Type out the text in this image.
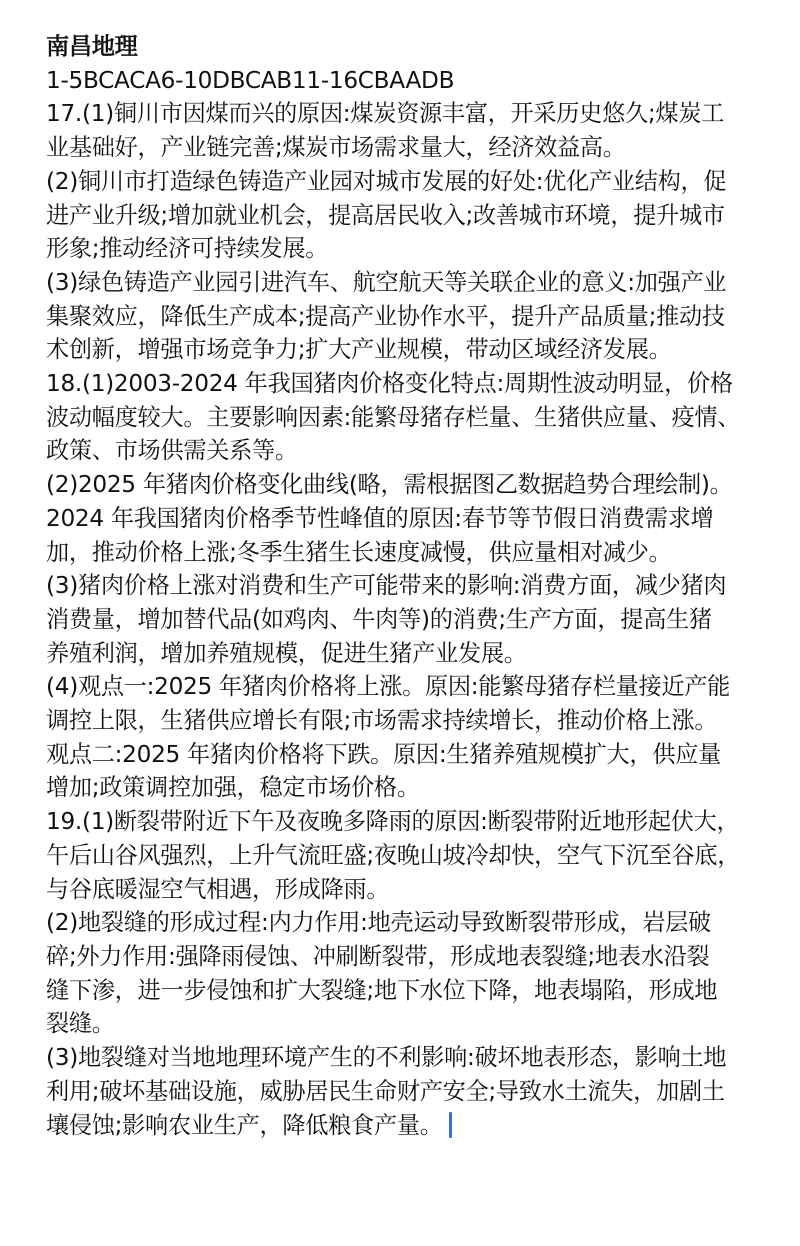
南昌地理
1-5BCACA6-10DBCAB11-16CBAADB
17.(1)铜川市因煤而兴的原因:煤炭资源丰富，开采历史悠久;煤炭工
业基础好，产业链完善;煤炭市场需求量大，经济效益高。
(2)铜川市打造绿色铸造产业园对城市发展的好处:优化产业结构，促
进产业升级;增加就业机会，提高居民收入;改善城市环境，提升城市
形象;推动经济可持续发展。
(3)绿色铸造产业园引进汽车、航空航天等关联企业的意义:加强产业
集聚效应，降低生产成本;提高产业协作水平，提升产品质量;推动技
术创新，增强市场竞争力;扩大产业规模，带动区域经济发展。
18.(1)2003-2024 年我国猪肉价格变化特点:周期性波动明显，价格
波动幅度较大。主要影响因素:能繁母猪存栏量、生猪供应量、疫情、
政策、市场供需关系等。
(2)2025 年猪肉价格变化曲线(略，需根据图乙数据趋势合理绘制)。
2024 年我国猪肉价格季节性峰值的原因:春节等节假日消费需求增
加，推动价格上涨;冬季生猪生长速度减慢，供应量相对减少。
(3)猪肉价格上涨对消费和生产可能带来的影响:消费方面，减少猪肉
消费量，增加替代品(如鸡肉、牛肉等)的消费;生产方面，提高生猪
养殖利润，增加养殖规模，促进生猪产业发展。
(4)观点一:2025 年猪肉价格将上涨。原因:能繁母猪存栏量接近产能
调控上限，生猪供应增长有限;市场需求持续增长，推动价格上涨。
观点二:2025 年猪肉价格将下跌。原因:生猪养殖规模扩大，供应量
增加;政策调控加强，稳定市场价格。
19.(1)断裂带附近下午及夜晚多降雨的原因:断裂带附近地形起伏大，
午后山谷风强烈，上升气流旺盛;夜晚山坡冷却快，空气下沉至谷底，
与谷底暖湿空气相遇，形成降雨。
(2)地裂缝的形成过程:内力作用:地壳运动导致断裂带形成，岩层破
碎;外力作用:强降雨侵蚀、冲刷断裂带，形成地表裂缝;地表水沿裂
缝下渗，进一步侵蚀和扩大裂缝;地下水位下降，地表塌陷，形成地
裂缝。
(3)地裂缝对当地地理环境产生的不利影响:破坏地表形态，影响土地
利用;破坏基础设施，威胁居民生命财产安全;导致水土流失，加剧土
壤侵蚀;影响农业生产，降低粮食产量。
